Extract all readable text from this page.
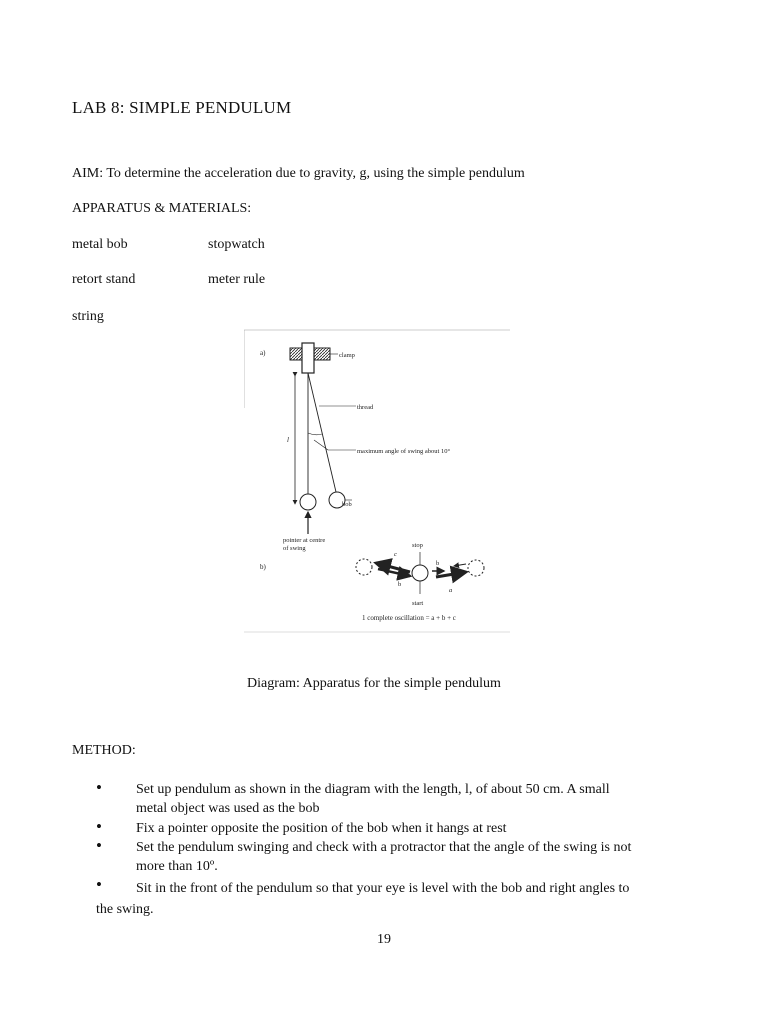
LAB 8: SIMPLE PENDULUM
AIM: To determine the acceleration due to gravity, g, using the simple pendulum
APPARATUS & MATERIALS:
metal bob	stopwatch
retort stand	meter rule
string
a)	clamp
thread
maximum angle of swing about 10°
l
bob
pointer at centre
of swing
b)
stop
start
c
b
b
a
1 complete oscillation = a + b + c
Diagram: Apparatus for the simple pendulum
METHOD:
• Set up pendulum as shown in the diagram with the length, l, of about 50 cm. A small
metal object was used as the bob
• Fix a pointer opposite the position of the bob when it hangs at rest
• Set the pendulum swinging and check with a protractor that the angle of the swing is not
more than 10º.
• Sit in the front of the pendulum so that your eye is level with the bob and right angles to
the swing.
19
